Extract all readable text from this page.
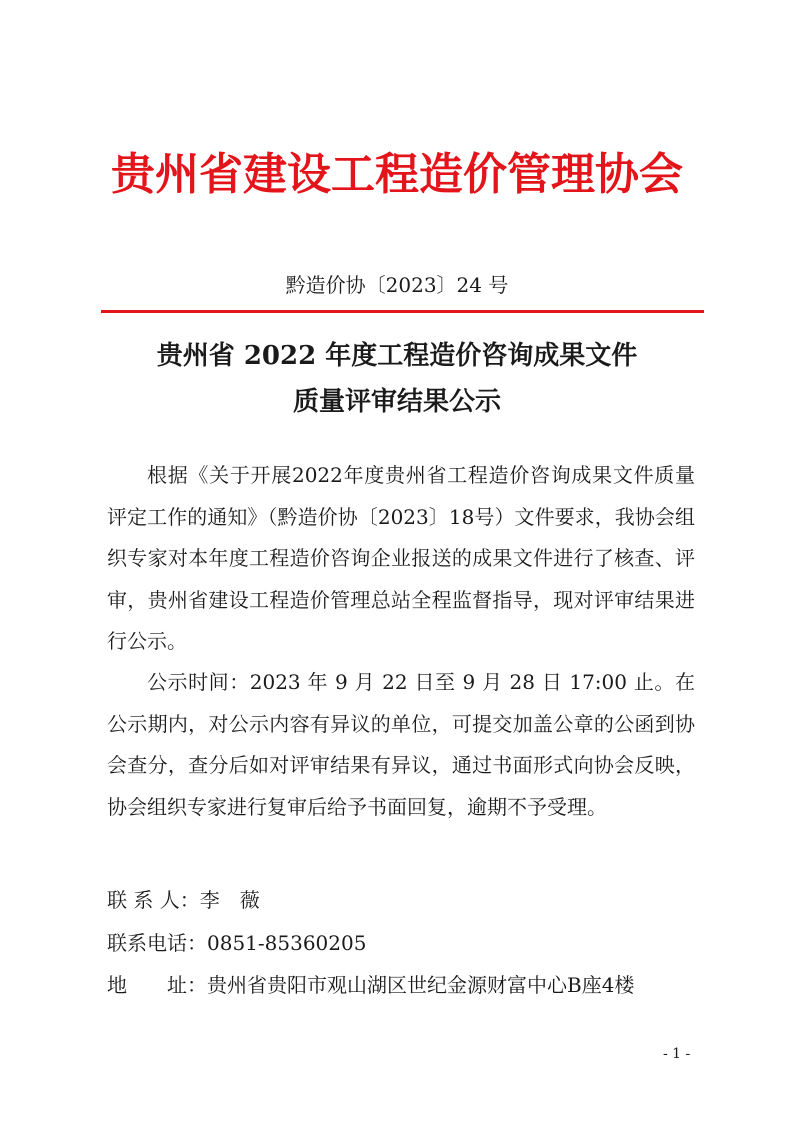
贵州省建设工程造价管理协会
黔造价协〔2023〕24 号
贵州省 2022 年度工程造价咨询成果文件
质量评审结果公示

根据《关于开展2022年度贵州省工程造价咨询成果文件质量评定工作的通知》（黔造价协〔2023〕18号）文件要求，我协会组织专家对本年度工程造价咨询企业报送的成果文件进行了核查、评审，贵州省建设工程造价管理总站全程监督指导，现对评审结果进行公示。

公示时间：2023 年 9 月 22 日至 9 月 28 日 17:00 止。在公示期内，对公示内容有异议的单位，可提交加盖公章的公函到协会查分，查分后如对评审结果有异议，通过书面形式向协会反映，协会组织专家进行复审后给予书面回复，逾期不予受理。

联 系 人：李　薇
联系电话：0851-85360205
地　　址：贵州省贵阳市观山湖区世纪金源财富中心B座4楼
- 1 -
